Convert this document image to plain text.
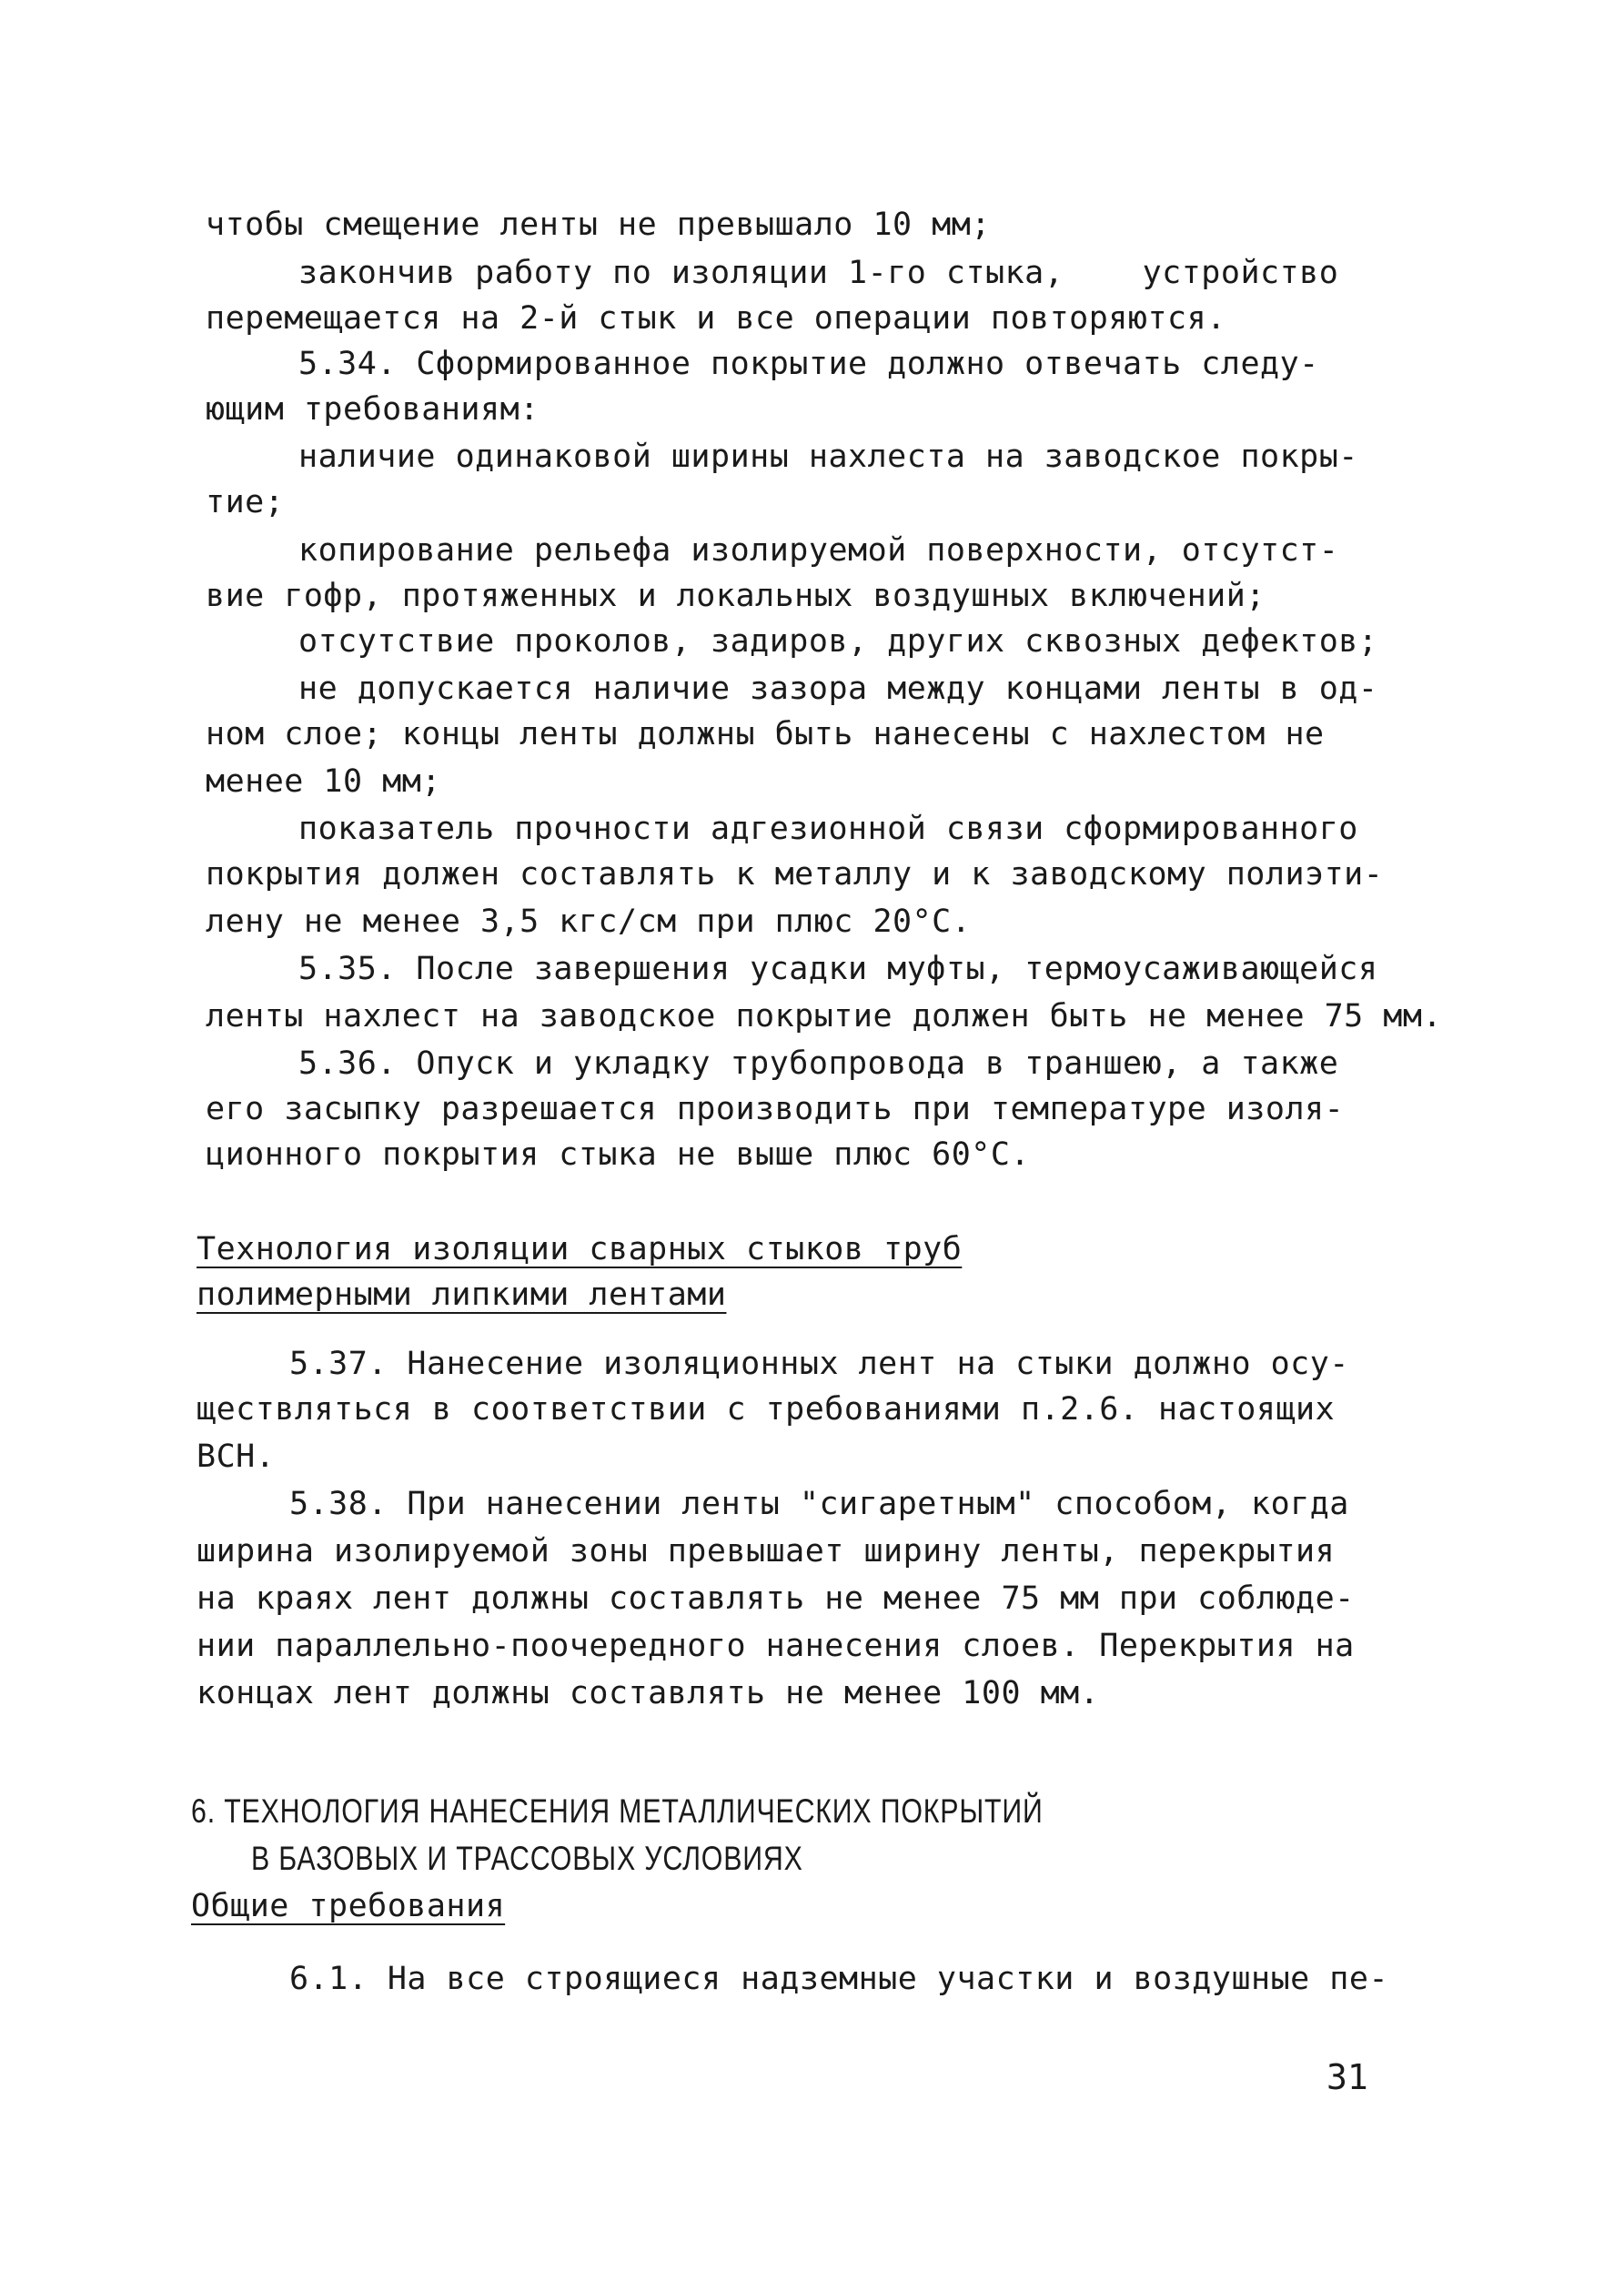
чтобы смещение ленты не превышало 10 мм;
закончив работу по изоляции 1-го стыка,    устройство
перемещается на 2-й стык и все операции повторяются.
5.34. Сформированное покрытие должно отвечать следу-
ющим требованиям:
наличие одинаковой ширины нахлеста на заводское покры-
тие;
копирование рельефа изолируемой поверхности, отсутст-
вие гофр, протяженных и локальных воздушных включений;
отсутствие проколов, задиров, других сквозных дефектов;
не допускается наличие зазора между концами ленты в од-
ном слое; концы ленты должны быть нанесены с нахлестом не
менее 10 мм;
показатель прочности адгезионной связи сформированного
покрытия должен составлять к металлу и к заводскому полиэти-
лену не менее 3,5 кгс/см при плюс 20°С.
5.35. После завершения усадки муфты, термоусаживающейся
ленты нахлест на заводское покрытие должен быть не менее 75 мм.
5.36. Опуск и укладку трубопровода в траншею, а также
его засыпку разрешается производить при температуре изоля-
ционного покрытия стыка не выше плюс 60°С.
Технология изоляции сварных стыков труб
полимерными липкими лентами
5.37. Нанесение изоляционных лент на стыки должно осу-
ществляться в соответствии с требованиями п.2.6. настоящих
ВСН.
5.38. При нанесении ленты "сигаретным" способом, когда
ширина изолируемой зоны превышает ширину ленты, перекрытия
на краях лент должны составлять не менее 75 мм при соблюде-
нии параллельно-поочередного нанесения слоев. Перекрытия на
концах лент должны составлять не менее 100 мм.
6. ТЕХНОЛОГИЯ НАНЕСЕНИЯ МЕТАЛЛИЧЕСКИХ ПОКРЫТИЙ
В БАЗОВЫХ И ТРАССОВЫХ УСЛОВИЯХ
Общие требования
6.1. На все строящиеся надземные участки и воздушные пе-
31
